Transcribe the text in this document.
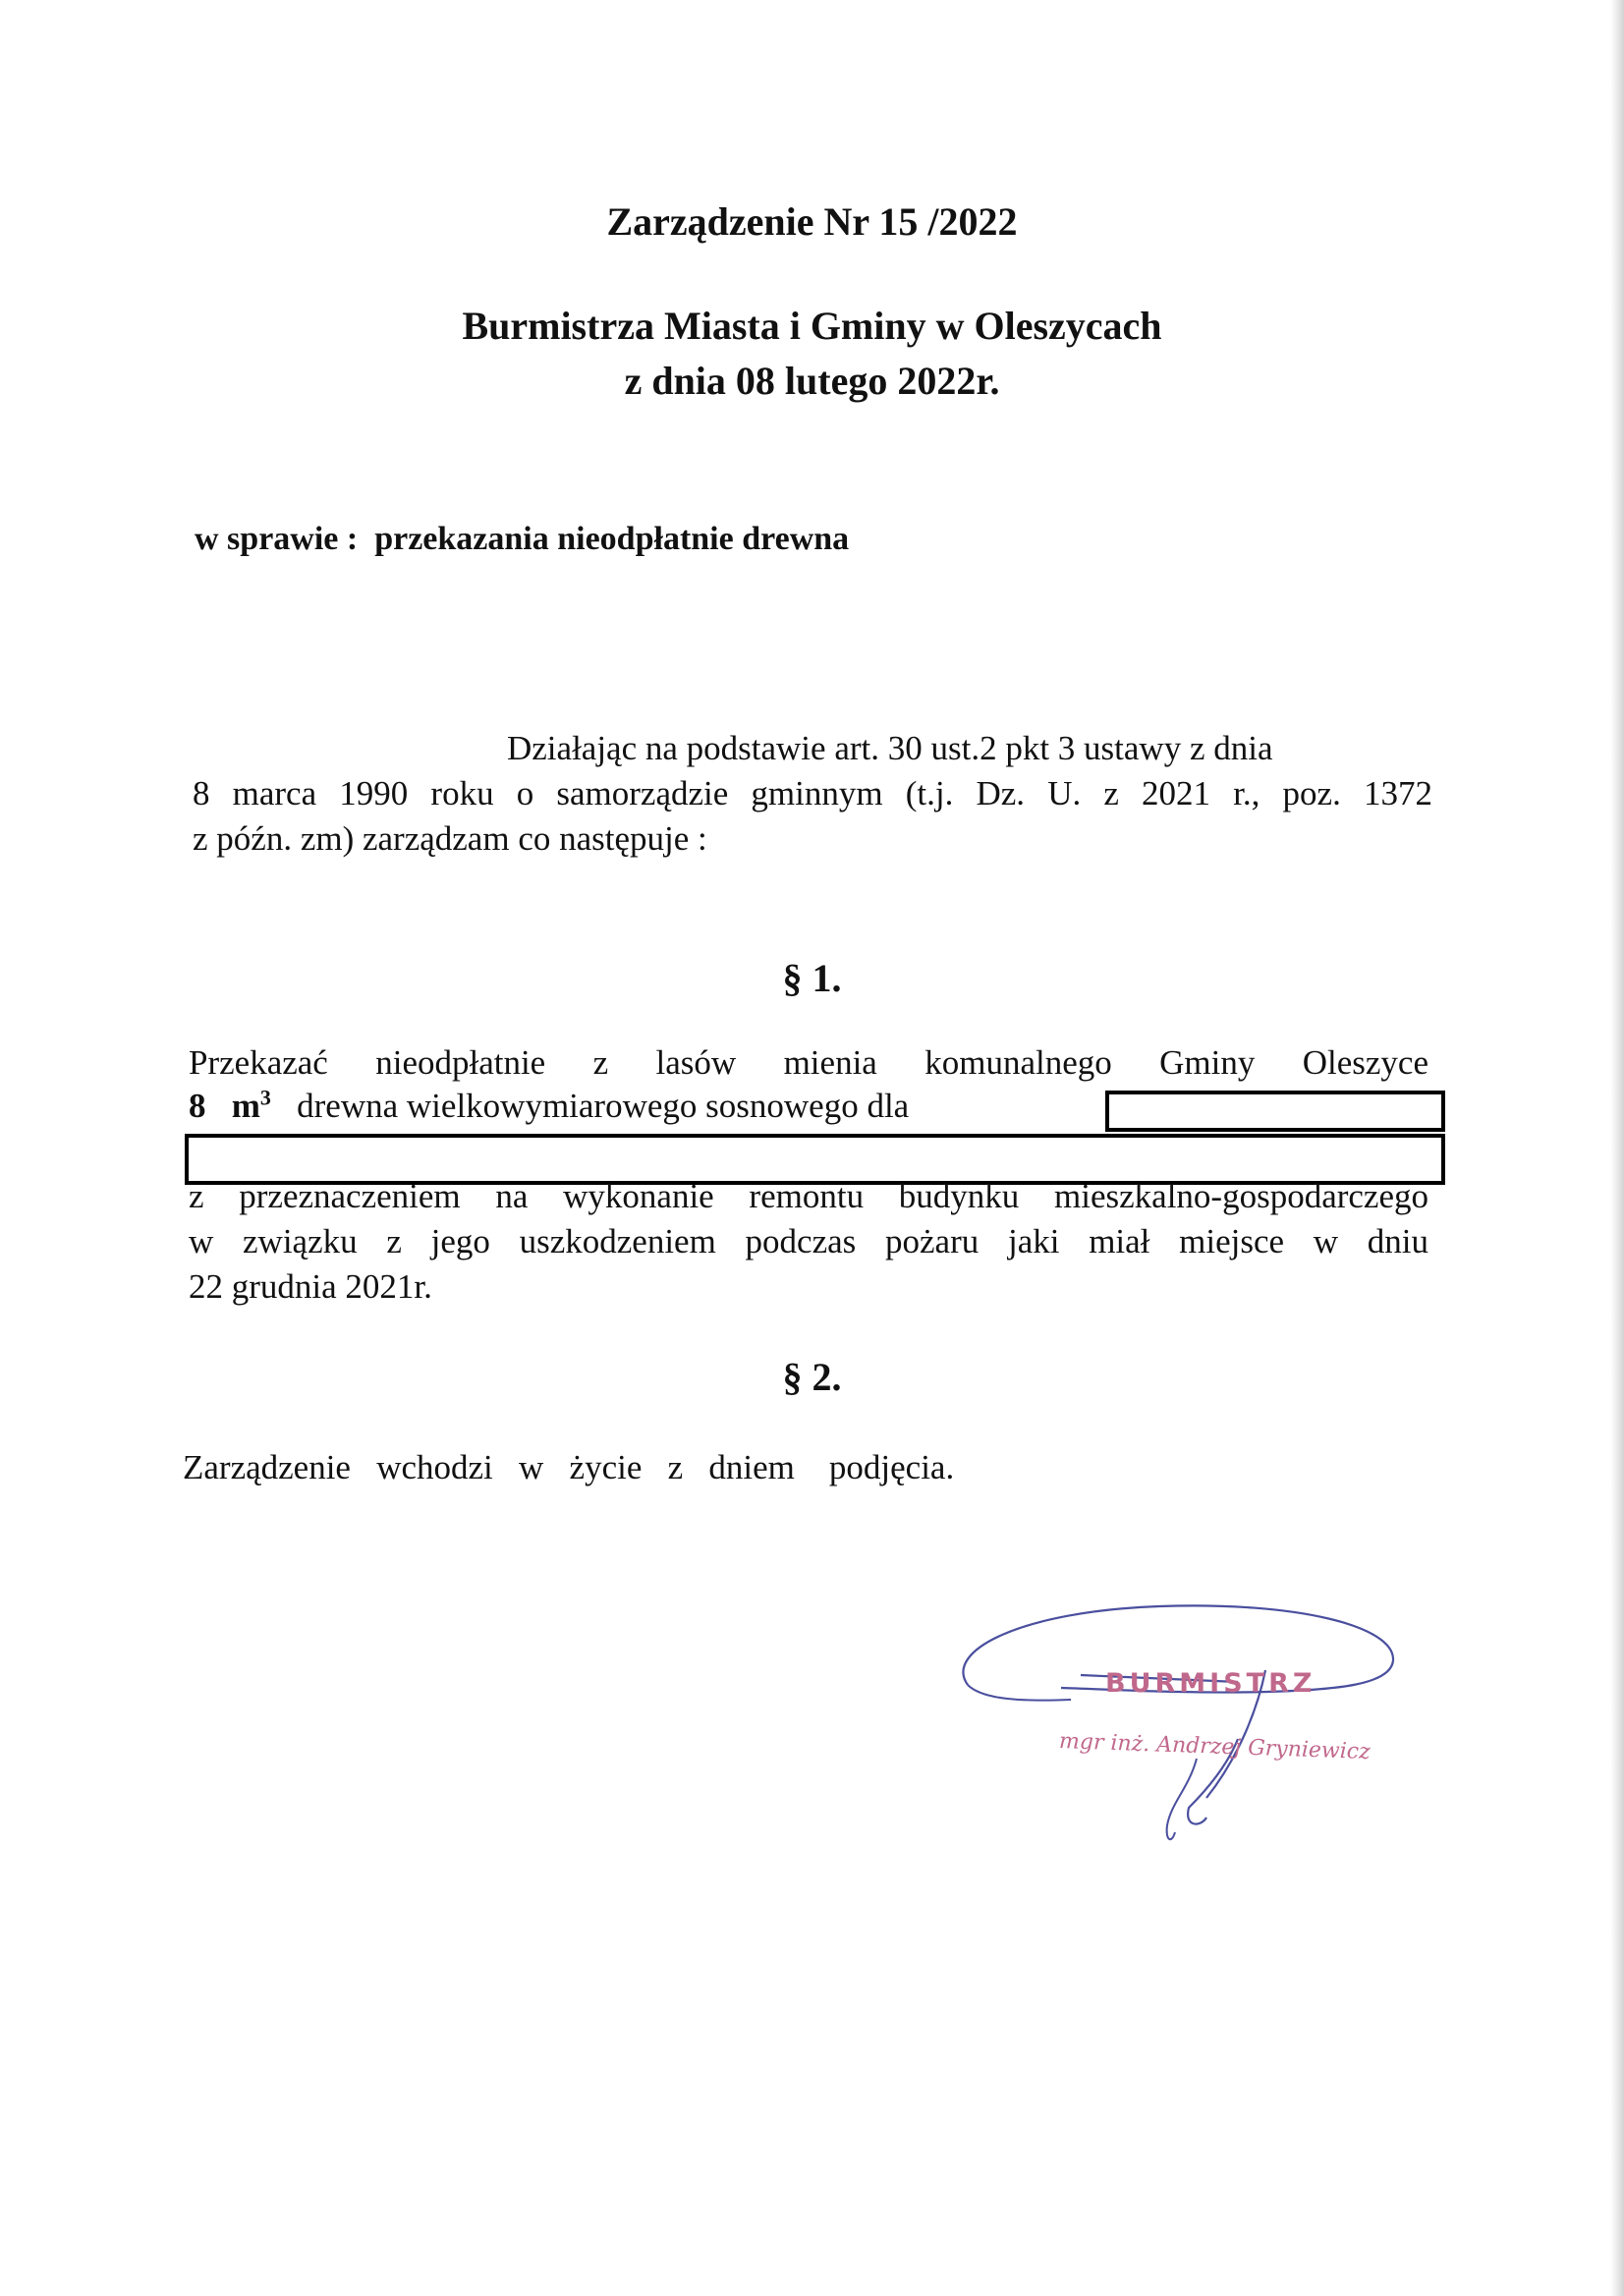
Zarządzenie Nr 15 /2022
Burmistrza Miasta i Gminy w Oleszycach
z dnia 08 lutego 2022r.

w sprawie :  przekazania nieodpłatnie drewna

Działając na podstawie art. 30 ust.2 pkt 3 ustawy z dnia

8 marca 1990 roku o samorządzie gminnym (t.j. Dz. U. z 2021 r., poz. 1372

z późn. zm) zarządzam co następuje :

§ 1.

Przekazać nieodpłatnie z lasów mienia komunalnego Gminy Oleszyce

8 $m^3$ drewna wielkowymiarowego sosnowego dla

z przeznaczeniem na wykonanie remontu budynku mieszkalno-gospodarczego

w związku z jego uszkodzeniem podczas pożaru jaki miał miejsce w dniu

22 grudnia 2021r.

§ 2.

Zarządzenie   wchodzi   w   życie   z   dniem    podjęcia.

BURMISTRZ

mgr inż. Andrzej Gryniewicz
